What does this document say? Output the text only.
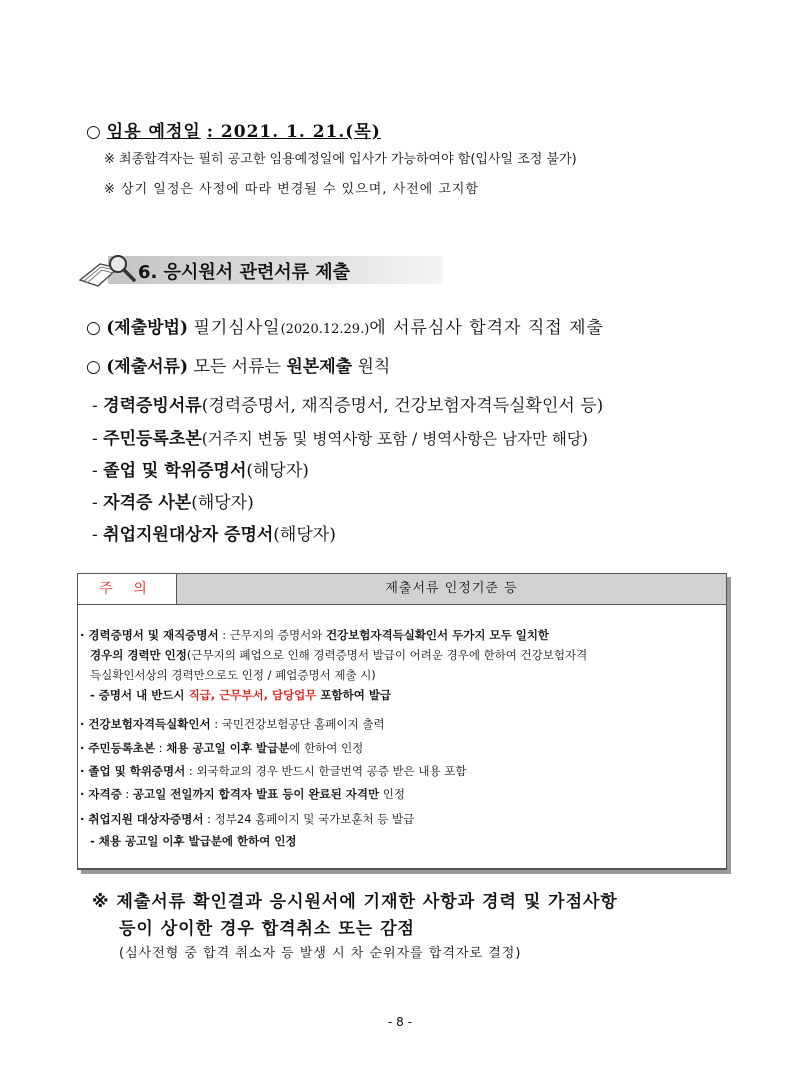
○ 임용 예정일 : 2021. 1. 21.(목)
※ 최종합격자는 필히 공고한 임용예정일에 입사가 가능하여야 함(입사일 조정 불가)
※ 상기 일정은 사정에 따라 변경될 수 있으며, 사전에 고지함
6. 응시원서 관련서류 제출
○ (제출방법) 필기심사일(2020.12.29.)에 서류심사 합격자 직접 제출
○ (제출서류) 모든 서류는 원본제출 원칙
- 경력증빙서류(경력증명서, 재직증명서, 건강보험자격득실확인서 등)
- 주민등록초본(거주지 변동 및 병역사항 포함 / 병역사항은 남자만 해당)
- 졸업 및 학위증명서(해당자)
- 자격증 사본(해당자)
- 취업지원대상자 증명서(해당자)
주 의	제출서류 인정기준 등
· 경력증명서 및 재직증명서 : 근무지의 증명서와 건강보험자격득실확인서 두가지 모두 일치한
경우의 경력만 인정(근무지의 폐업으로 인해 경력증명서 발급이 어려운 경우에 한하여 건강보험자격
득실확인서상의 경력만으로도 인정 / 폐업증명서 제출 시)
- 증명서 내 반드시 직급, 근무부서, 담당업무 포함하여 발급
· 건강보험자격득실확인서 : 국민건강보험공단 홈페이지 출력
· 주민등록초본 : 채용 공고일 이후 발급분에 한하여 인정
· 졸업 및 학위증명서 : 외국학교의 경우 반드시 한글번역 공증 받은 내용 포함
· 자격증 : 공고일 전일까지 합격자 발표 등이 완료된 자격만 인정
· 취업지원 대상자증명서 : 정부24 홈페이지 및 국가보훈처 등 발급
- 채용 공고일 이후 발급분에 한하여 인정
※ 제출서류 확인결과 응시원서에 기재한 사항과 경력 및 가점사항
등이 상이한 경우 합격취소 또는 감점
(심사전형 중 합격 취소자 등 발생 시 차 순위자를 합격자로 결정)
- 8 -
